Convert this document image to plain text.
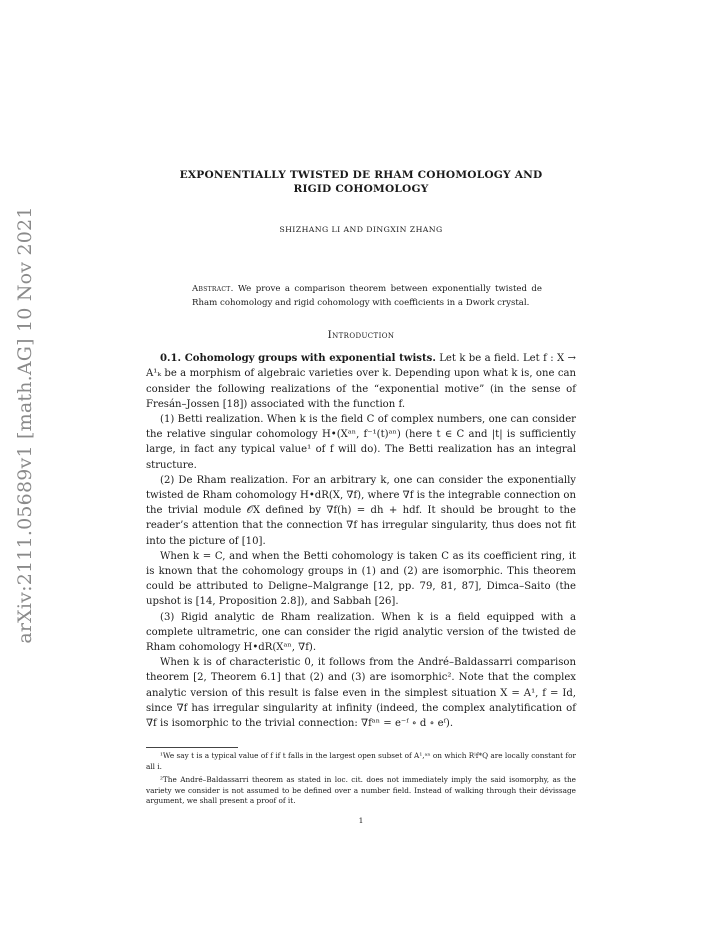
arXiv:2111.05689v1 [math.AG] 10 Nov 2021

EXPONENTIALLY TWISTED DE RHAM COHOMOLOGY AND

RIGID COHOMOLOGY

SHIZHANG LI AND DINGXIN ZHANG
Abstract. We prove a comparison theorem between exponentially twisted de Rham cohomology and rigid cohomology with coefficients in a Dwork crystal.
Introduction

0.1. Cohomology groups with exponential twists. Let k be a field. Let f : X → A¹ₖ be a morphism of algebraic varieties over k. Depending upon what k is, one can consider the following realizations of the “exponential motive” (in the sense of Fresán–Jossen [18]) associated with the function f.

(1) Betti realization. When k is the field C of complex numbers, one can consider the relative singular cohomology H•(Xᵃⁿ, f⁻¹(t)ᵃⁿ) (here t ∈ C and |t| is sufficiently large, in fact any typical value¹ of f will do). The Betti realization has an integral structure.

(2) De Rham realization. For an arbitrary k, one can consider the exponentially twisted de Rham cohomology H•dR(X, ∇f), where ∇f is the integrable connection on the trivial module 𝒪X defined by ∇f(h) = dh + hdf. It should be brought to the reader’s attention that the connection ∇f has irregular singularity, thus does not fit into the picture of [10].

When k = C, and when the Betti cohomology is taken C as its coefficient ring, it is known that the cohomology groups in (1) and (2) are isomorphic. This theorem could be attributed to Deligne–Malgrange [12, pp. 79, 81, 87], Dimca–Saito (the upshot is [14, Proposition 2.8]), and Sabbah [26].

(3) Rigid analytic de Rham realization. When k is a field equipped with a complete ultrametric, one can consider the rigid analytic version of the twisted de Rham cohomology H•dR(Xᵃⁿ, ∇f).

When k is of characteristic 0, it follows from the André–Baldassarri comparison theorem [2, Theorem 6.1] that (2) and (3) are isomorphic². Note that the complex analytic version of this result is false even in the simplest situation X = A¹, f = Id, since ∇f has irregular singularity at infinity (indeed, the complex analytification of ∇f is isomorphic to the trivial connection: ∇fᵃⁿ = e⁻ᶠ ∘ d ∘ eᶠ).

¹We say t is a typical value of f if t falls in the largest open subset of A¹,ᵃⁿ on which Rⁱf*Q are locally constant for all i.

²The André–Baldassarri theorem as stated in loc. cit. does not immediately imply the said isomorphy, as the variety we consider is not assumed to be defined over a number field. Instead of walking through their dévissage argument, we shall present a proof of it.

1
